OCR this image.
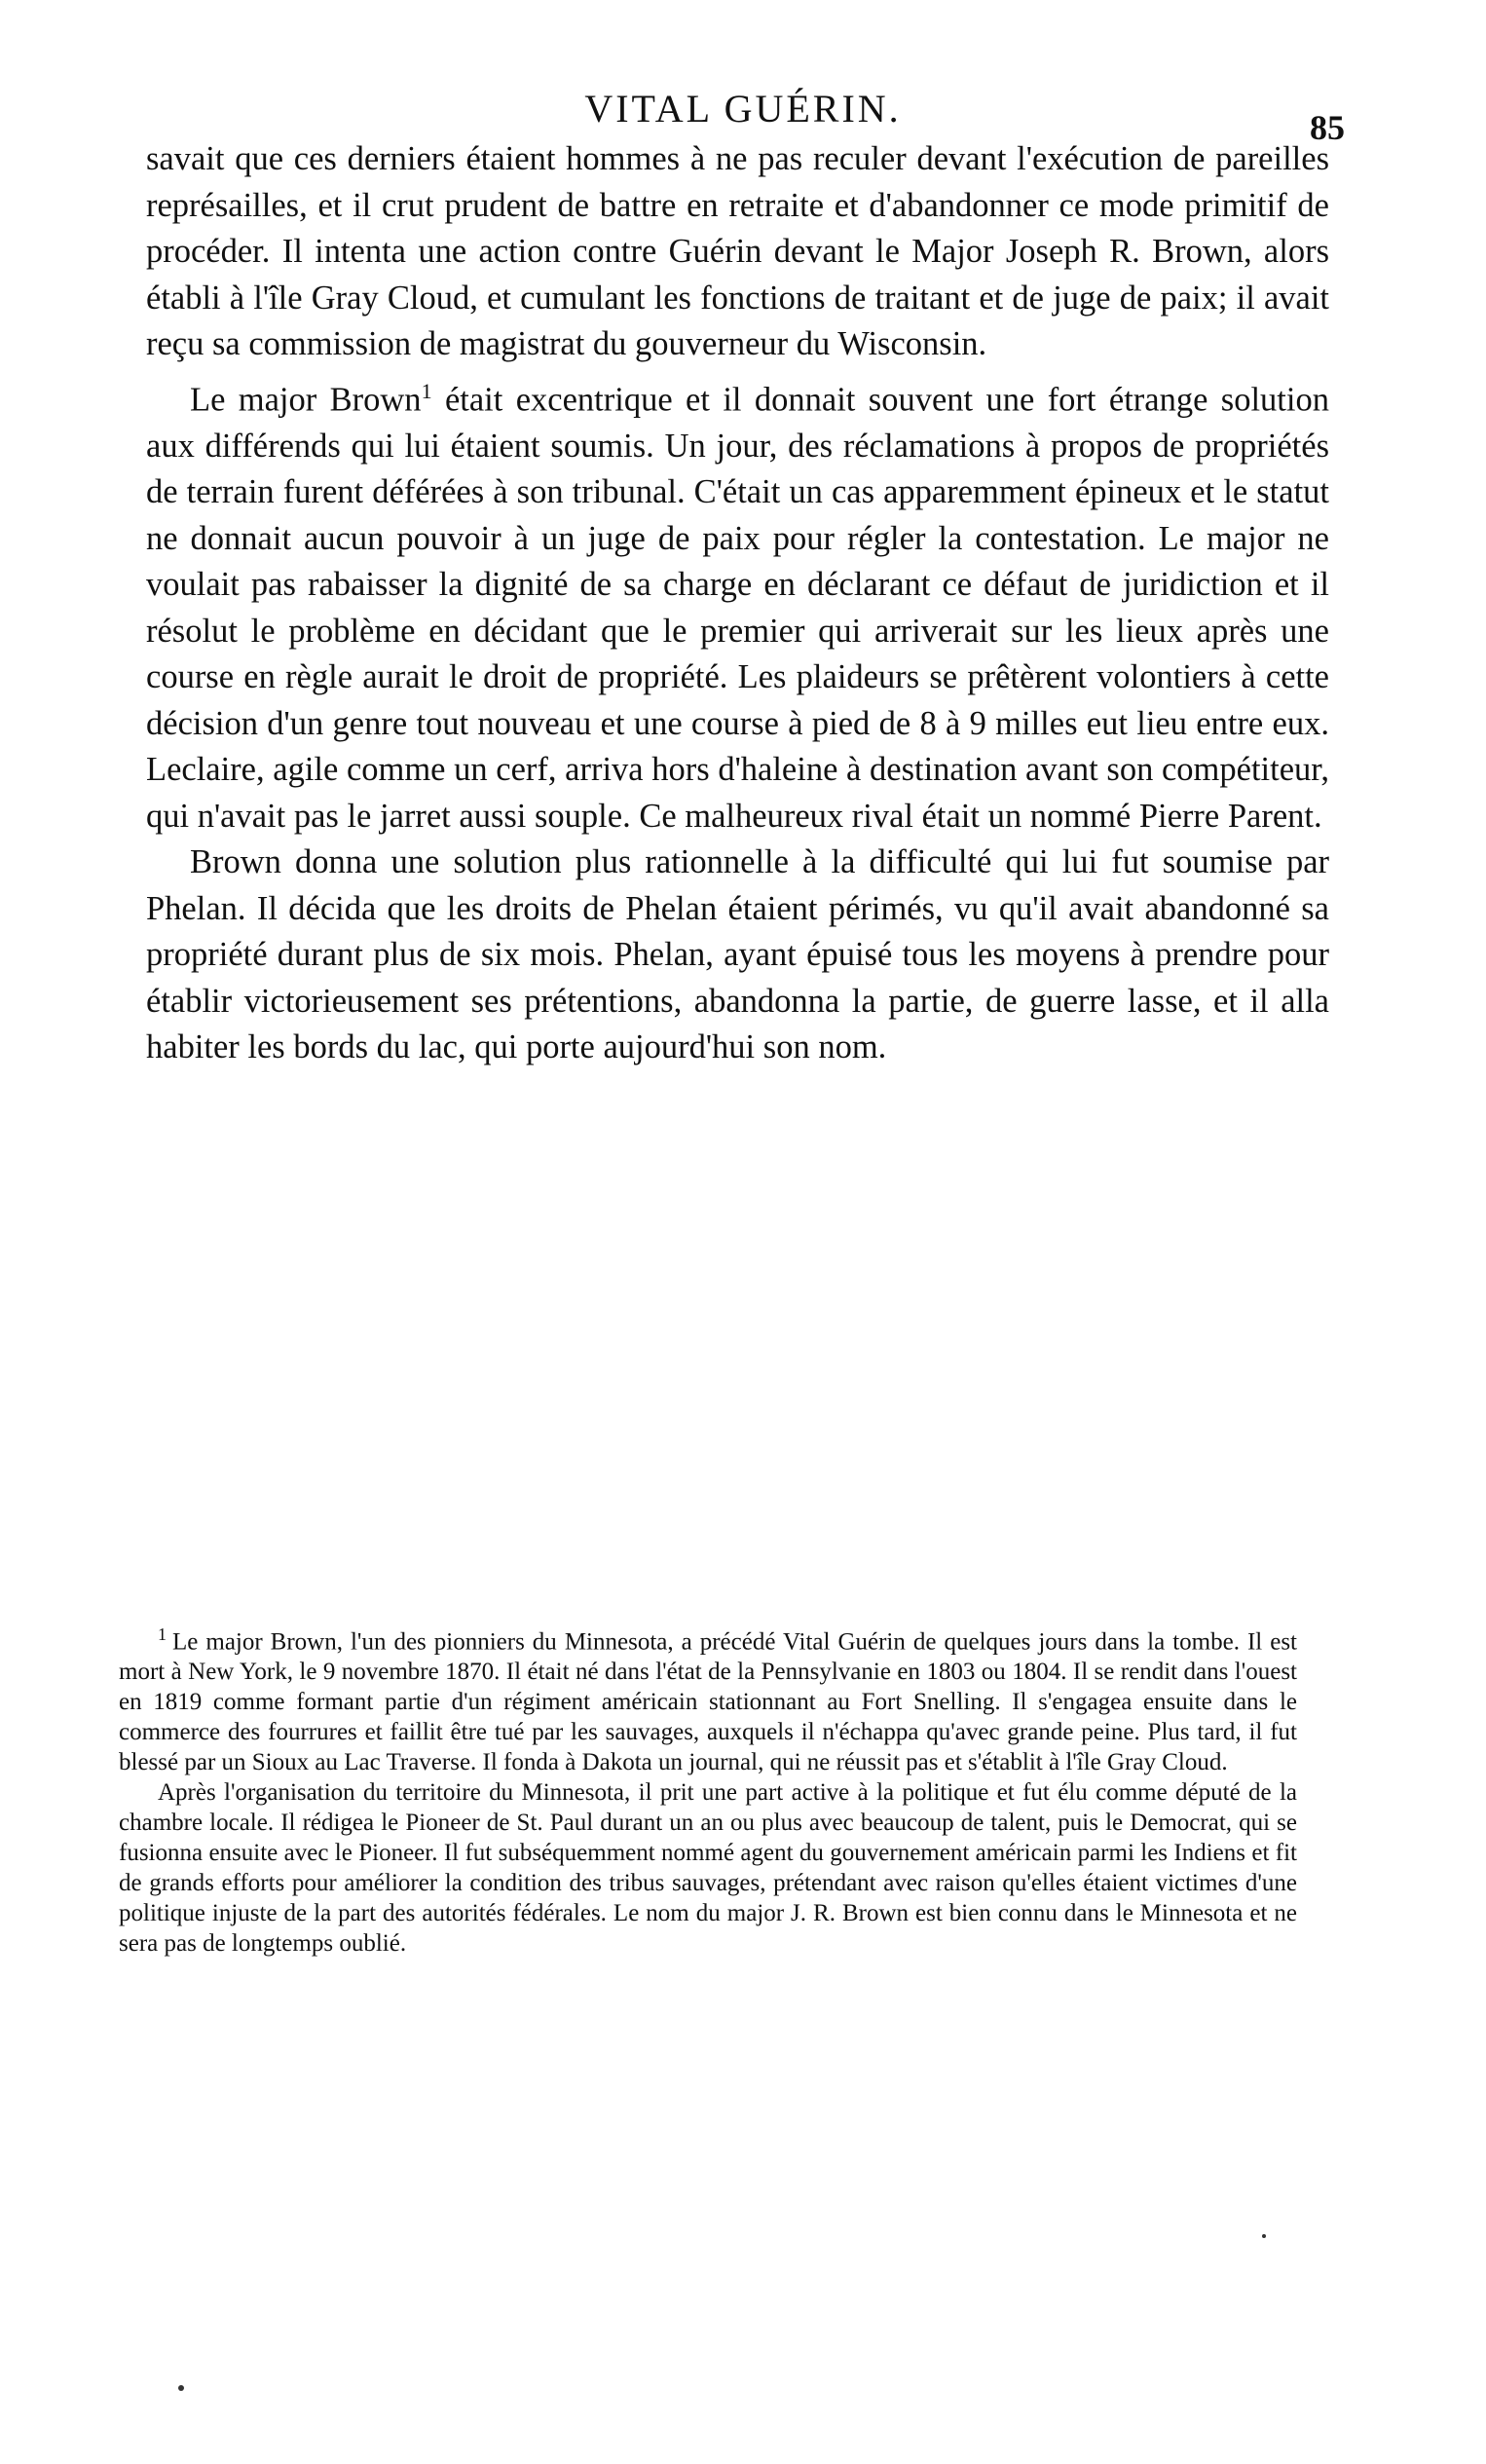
VITAL GUÉRIN.	85

savait que ces derniers étaient hommes à ne pas reculer devant l'exécution de pareilles représailles, et il crut prudent de battre en retraite et d'abandonner ce mode primitif de procéder. Il intenta une action contre Guérin devant le Major Joseph R. Brown, alors établi à l'île Gray Cloud, et cumulant les fonctions de traitant et de juge de paix; il avait reçu sa commission de magistrat du gouverneur du Wisconsin.

Le major Brown$^1$ était excentrique et il donnait souvent une fort étrange solution aux différends qui lui étaient soumis. Un jour, des réclamations à propos de propriétés de terrain furent déférées à son tribunal. C'était un cas apparemment épineux et le statut ne donnait aucun pouvoir à un juge de paix pour régler la contestation. Le major ne voulait pas rabaisser la dignité de sa charge en déclarant ce défaut de juridiction et il résolut le problème en décidant que le premier qui arriverait sur les lieux après une course en règle aurait le droit de propriété. Les plaideurs se prêtèrent volontiers à cette décision d'un genre tout nouveau et une course à pied de 8 à 9 milles eut lieu entre eux. Leclaire, agile comme un cerf, arriva hors d'haleine à destination avant son compétiteur, qui n'avait pas le jarret aussi souple. Ce malheureux rival était un nommé Pierre Parent.

Brown donna une solution plus rationnelle à la difficulté qui lui fut soumise par Phelan. Il décida que les droits de Phelan étaient périmés, vu qu'il avait abandonné sa propriété durant plus de six mois. Phelan, ayant épuisé tous les moyens à prendre pour établir victorieusement ses prétentions, abandonna la partie, de guerre lasse, et il alla habiter les bords du lac, qui porte aujourd'hui son nom.

$^1$ Le major Brown, l'un des pionniers du Minnesota, a précédé Vital Guérin de quelques jours dans la tombe. Il est mort à New York, le 9 novembre 1870. Il était né dans l'état de la Pennsylvanie en 1803 ou 1804. Il se rendit dans l'ouest en 1819 comme formant partie d'un régiment américain stationnant au Fort Snelling. Il s'engagea ensuite dans le commerce des fourrures et faillit être tué par les sauvages, auxquels il n'échappa qu'avec grande peine. Plus tard, il fut blessé par un Sioux au Lac Traverse. Il fonda à Dakota un journal, qui ne réussit pas et s'établit à l'île Gray Cloud.

Après l'organisation du territoire du Minnesota, il prit une part active à la politique et fut élu comme député de la chambre locale. Il rédigea le Pioneer de St. Paul durant un an ou plus avec beaucoup de talent, puis le Democrat, qui se fusionna ensuite avec le Pioneer. Il fut subséquemment nommé agent du gouvernement américain parmi les Indiens et fit de grands efforts pour améliorer la condition des tribus sauvages, prétendant avec raison qu'elles étaient victimes d'une politique injuste de la part des autorités fédérales. Le nom du major J. R. Brown est bien connu dans le Minnesota et ne sera pas de longtemps oublié.
